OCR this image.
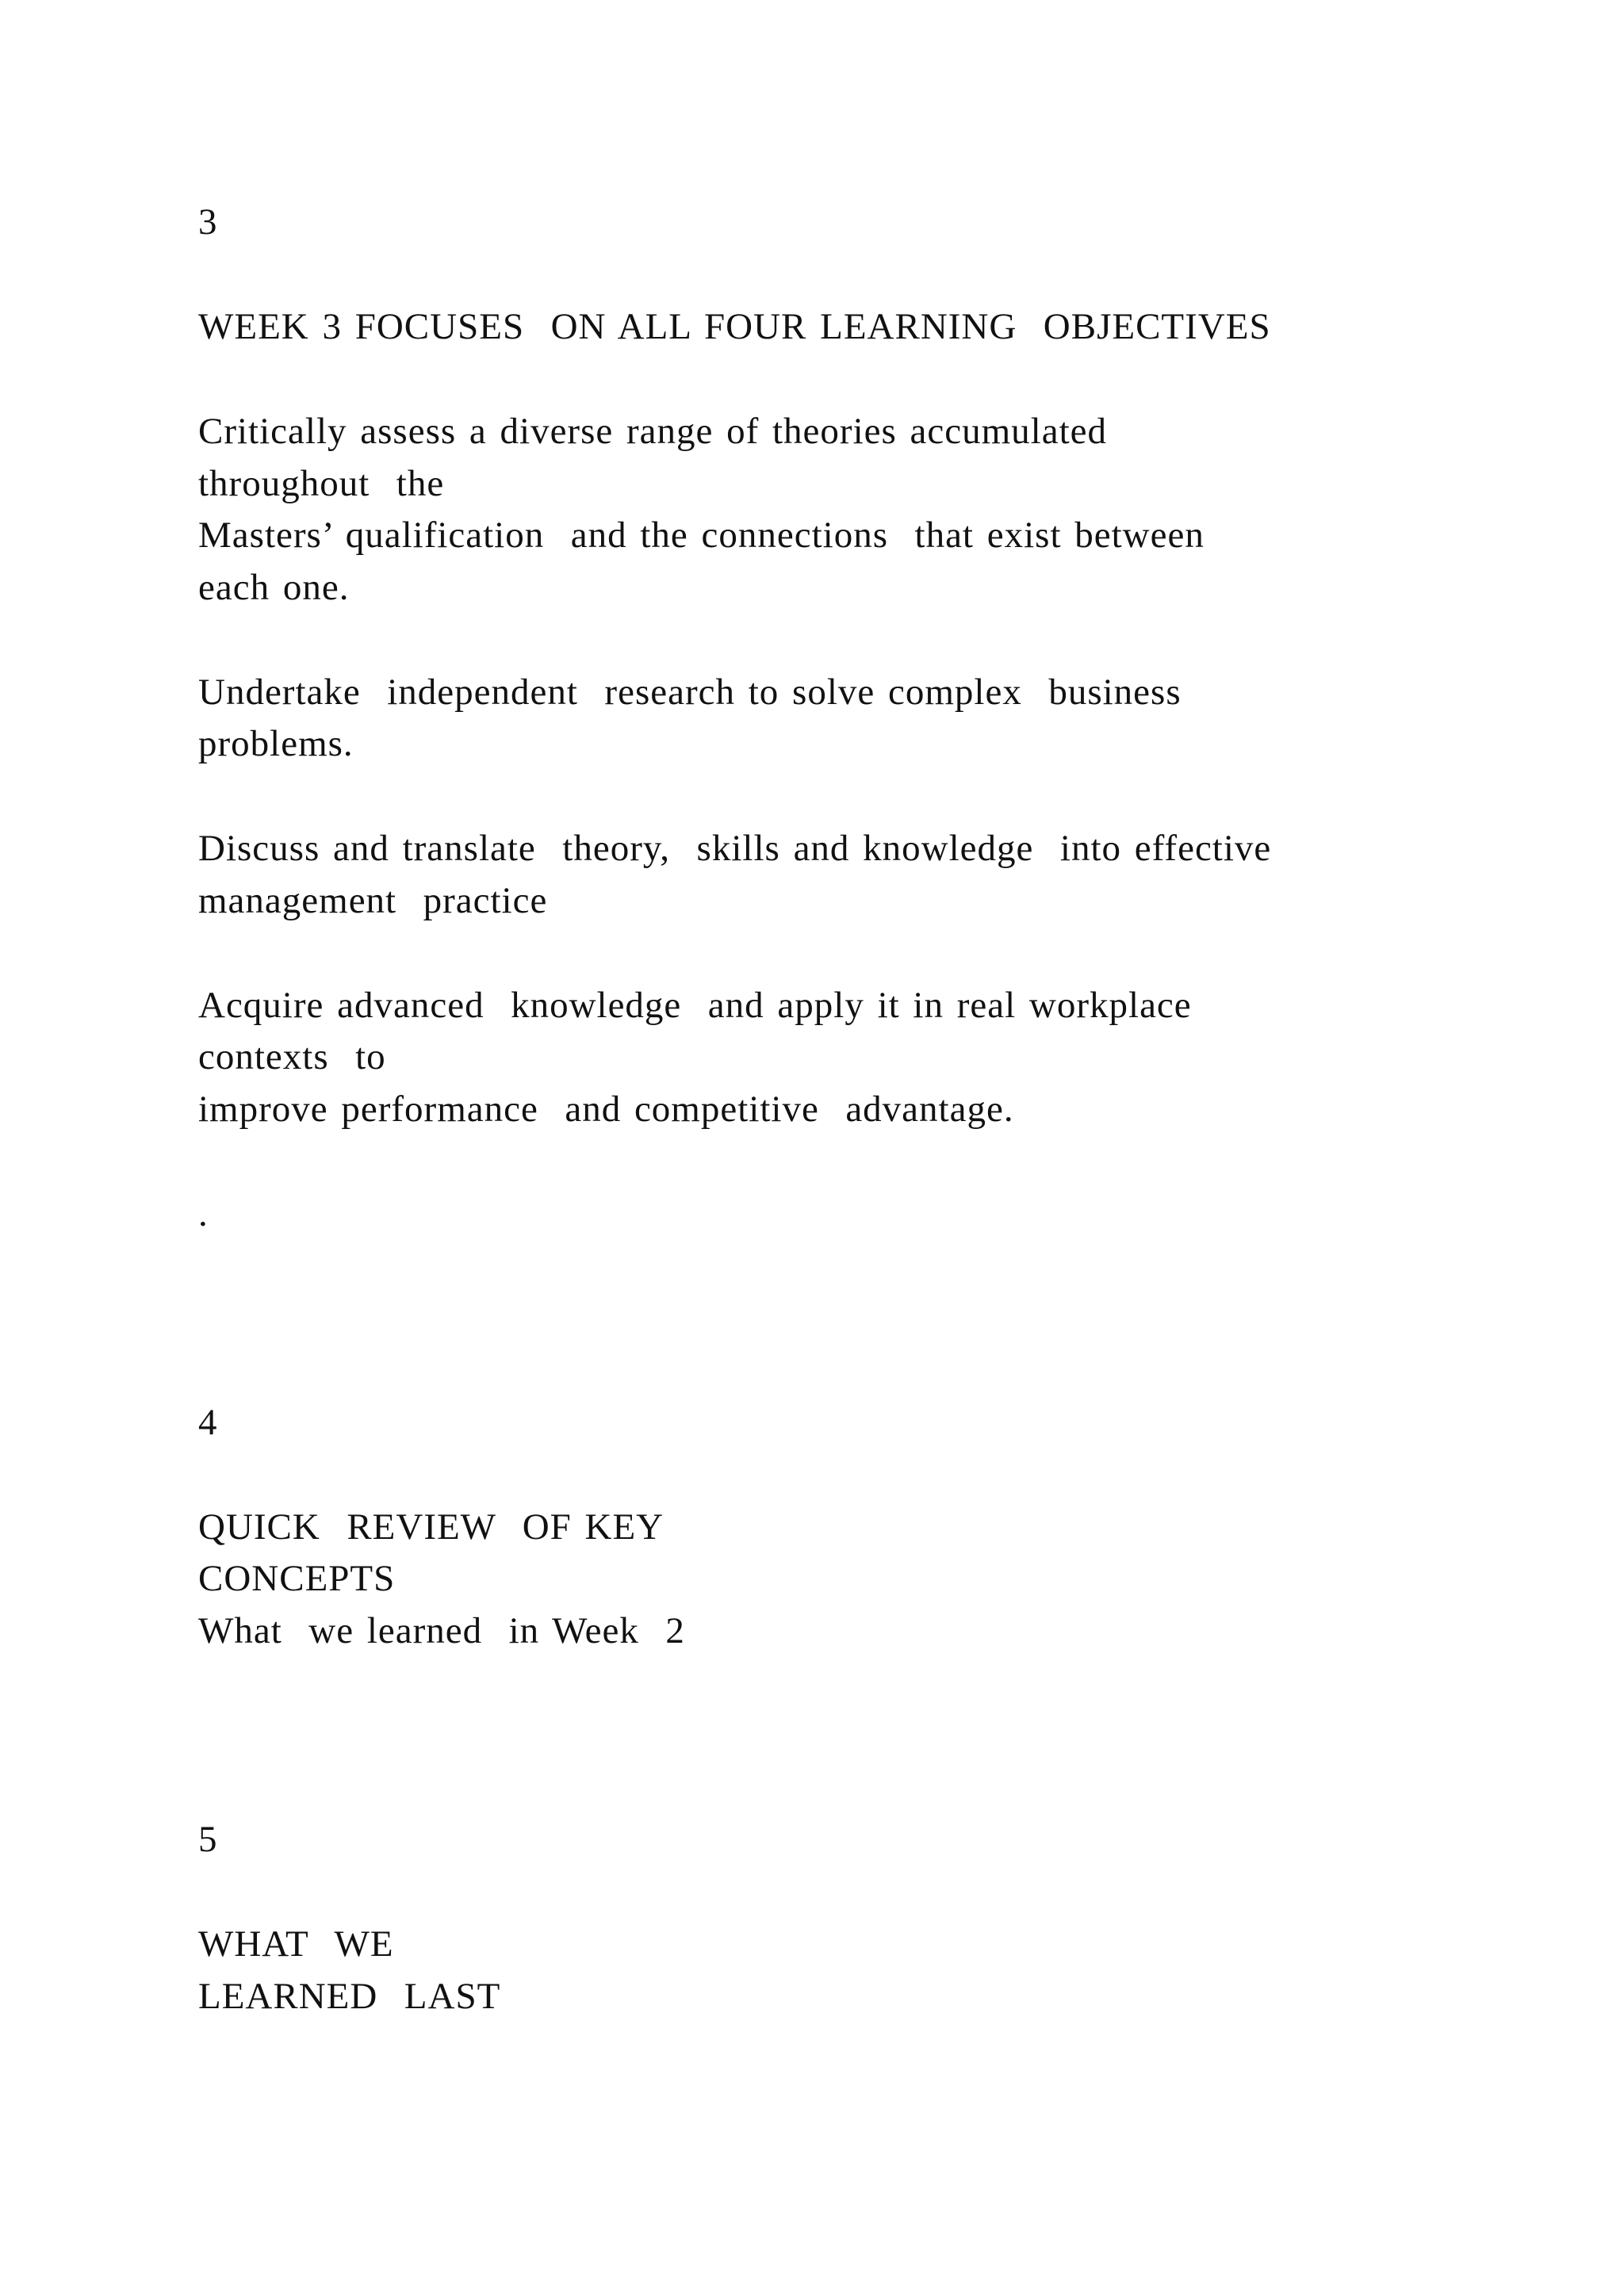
3
WEEK 3 FOCUSES  ON ALL FOUR LEARNING  OBJECTIVES
Critically assess a diverse range of theories accumulated
throughout  the
Masters’ qualification  and the connections  that exist between
each one.
Undertake  independent  research to solve complex  business
problems.
Discuss and translate  theory,  skills and knowledge  into effective
management  practice
Acquire advanced  knowledge  and apply it in real workplace
contexts  to
improve performance  and competitive  advantage.
.
4
QUICK  REVIEW  OF KEY
CONCEPTS
What  we learned  in Week  2
5
WHAT  WE
LEARNED  LAST
